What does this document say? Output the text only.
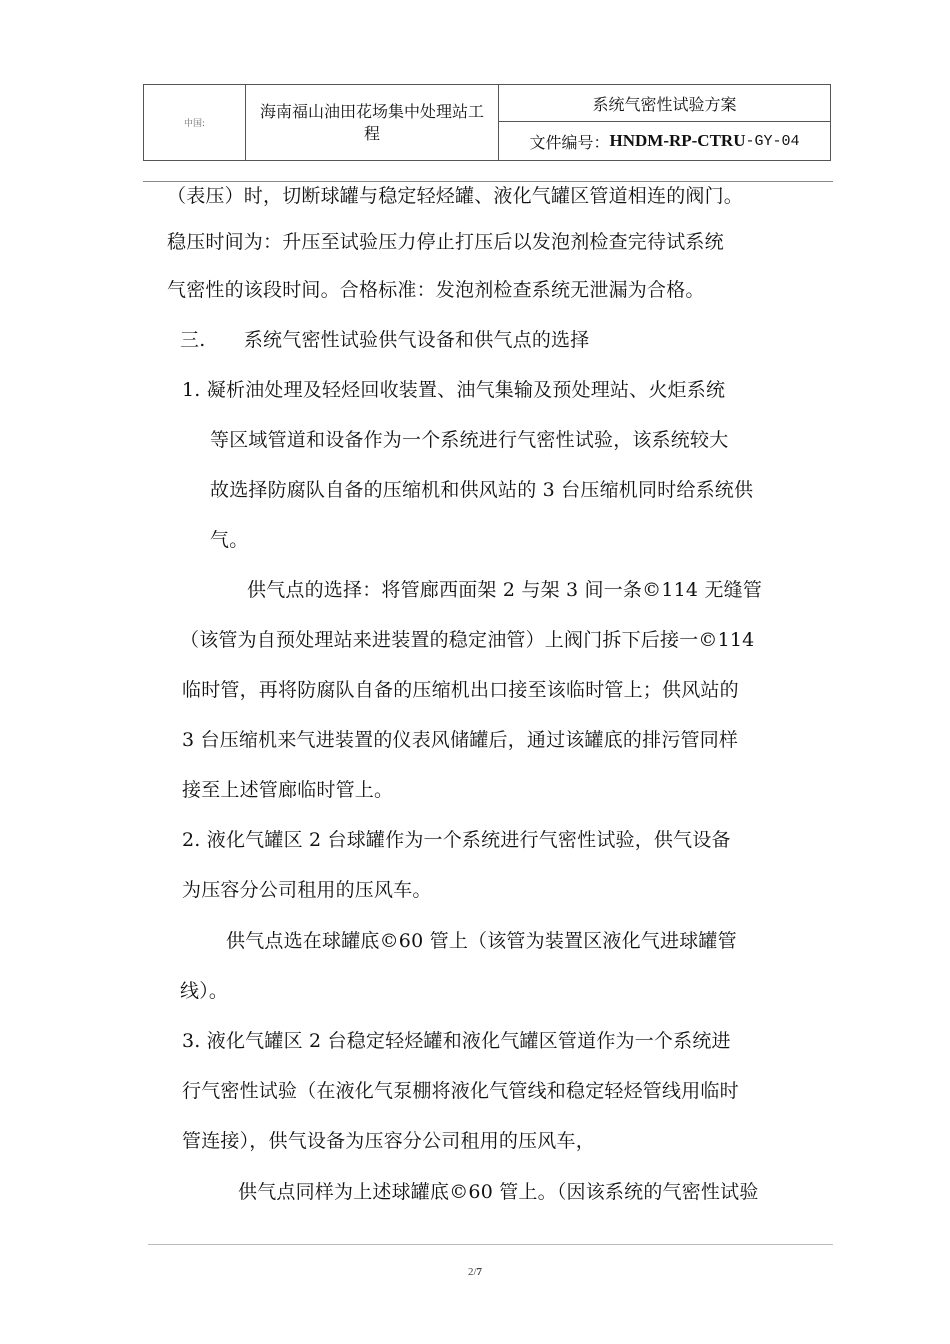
中国:
海南福山油田花场集中处理站工程
系统气密性试验方案
文件编号： HNDM-RP-CTRU -GY-04
（表压）时，切断球罐与稳定轻烃罐、液化气罐区管道相连的阀门。
稳压时间为：升压至试验压力停止打压后以发泡剂检查完待试系统
气密性的该段时间。合格标准：发泡剂检查系统无泄漏为合格。
三.　　系统气密性试验供气设备和供气点的选择
1. 凝析油处理及轻烃回收装置、油气集输及预处理站、火炬系统
等区域管道和设备作为一个系统进行气密性试验，该系统较大
故选择防腐队自备的压缩机和供风站的 3 台压缩机同时给系统供
气。
供气点的选择：将管廊西面架 2 与架 3 间一条©114 无缝管
（该管为自预处理站来进装置的稳定油管）上阀门拆下后接一©114
临时管，再将防腐队自备的压缩机出口接至该临时管上；供风站的
3 台压缩机来气进装置的仪表风储罐后，通过该罐底的排污管同样
接至上述管廊临时管上。
2. 液化气罐区 2 台球罐作为一个系统进行气密性试验，供气设备
为压容分公司租用的压风车。
供气点选在球罐底©60 管上（该管为装置区液化气进球罐管
线）。
3. 液化气罐区 2 台稳定轻烃罐和液化气罐区管道作为一个系统进
行气密性试验（在液化气泵棚将液化气管线和稳定轻烃管线用临时
管连接），供气设备为压容分公司租用的压风车，
供气点同样为上述球罐底©60 管上。（因该系统的气密性试验
2/7
